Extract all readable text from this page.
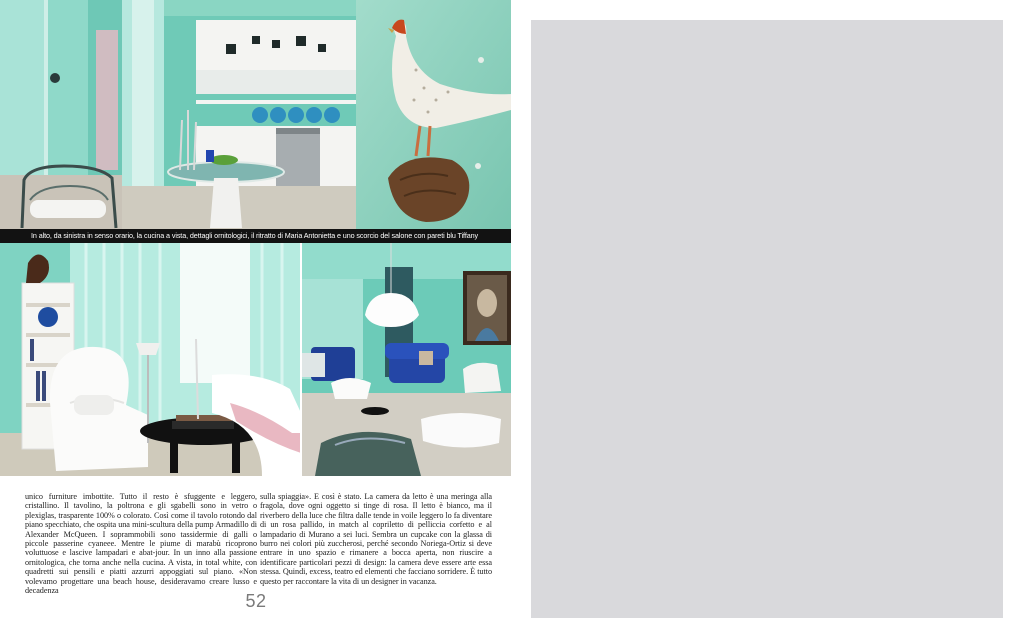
In alto, da sinistra in senso orario, la cucina a vista, dettagli ornitologici, il ritratto di Maria Antonietta e uno scorcio del salone con pareti blu Tiffany
unico furniture imbottite. Tutto il resto è sfuggente e leggero, cristallino. Il tavolino, la poltrona e gli sgabelli sono in vetro o plexiglas, trasparente 100% o colorato. Così come il tavolo rotondo dal piano specchiato, che ospita una mini-scultura della pump Armadillo di Alexander McQueen. I soprammobili sono tassidermie di galli o piccole passerine cyaneee. Mentre le piume di marabù ricoprono voluttuose e lascive lampadari e abat-jour. In un inno alla passione ornitologica, che torna anche nella cucina. A vista, in total white, con quadretti sui pensili e piatti azzurri appoggiati sul piano. «Non volevamo progettare una beach house, desideravamo creare lusso e decadenza
sulla spiaggia». E così è stato. La camera da letto è una meringa alla fragola, dove ogni oggetto si tinge di rosa. Il letto è bianco, ma il riverbero della luce che filtra dalle tende in voile leggero lo fa diventare di un rosa pallido, in match al copriletto di pelliccia corfetto e al lampadario di Murano a sei luci. Sembra un cupcake con la glassa di burro nei colori più zuccherosi, perché secondo Noriega-Ortiz si deve entrare in uno spazio e rimanere a bocca aperta, non riuscire a identificare particolari pezzi di design: la camera deve essere arte essa stessa. Quindi, excess, teatro ed elementi che facciano sorridere. È tutto questo per raccontare la vita di un designer in vacanza.
52
